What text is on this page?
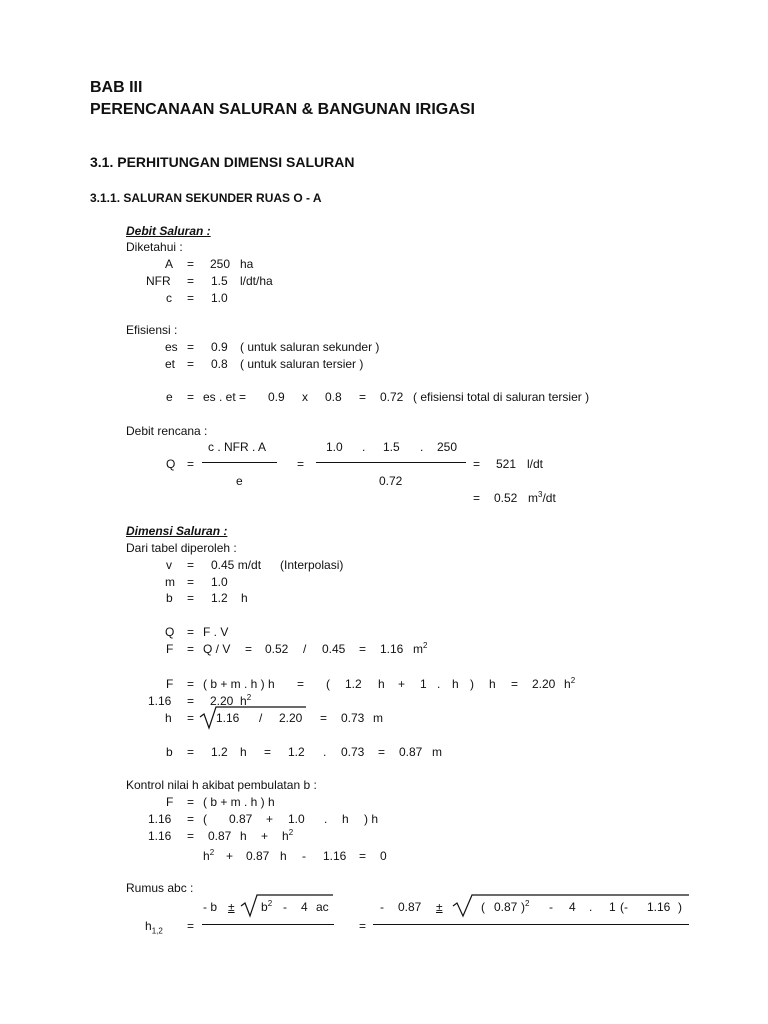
BAB III
PERENCANAAN SALURAN & BANGUNAN IRIGASI
3.1. PERHITUNGAN DIMENSI SALURAN
3.1.1. SALURAN SEKUNDER RUAS O - A
Debit Saluran :
Diketahui :
A = 250 ha
NFR = 1.5 l/dt/ha
c = 1.0
Efisiensi :
es = 0.9 ( untuk saluran sekunder )
et = 0.8 ( untuk saluran tersier )
e = es . et = 0.9 x 0.8 = 0.72 ( efisiensi total di saluran tersier )
Debit rencana :
c . NFR . A
Q =
e
=
1.0 . 1.5 . 250
0.72
= 521 l/dt
= 0.52 $m^3/dt$
Dimensi Saluran :
Dari tabel diperoleh :
v = 0.45 m/dt (Interpolasi)
m = 1.0
b = 1.2 h
Q = F . V
F = Q / V = 0.52 / 0.45 = 1.16 $m^2$
F = ( b + m . h ) h = ( 1.2 h + 1 . h ) h = 2.20 $h^2$
1.16 = 2.20 $h^2$
h = 1.16 / 2.20 = 0.73 m
b = 1.2 h = 1.2 . 0.73 = 0.87 m
Kontrol nilai h akibat pembulatan b :
F = ( b + m . h ) h
1.16 = ( 0.87 + 1.0 . h ) h
1.16 = 0.87 $h + h^2$
$h^2 + 0.87$ h - 1.16 = 0
Rumus abc :
- $b \pm b^2 - 4$ ac
$h_{1,2}$ =	=
- 0.87 ±	( 0.87 )$^2$ - 4 . 1 (- 1.16 )
